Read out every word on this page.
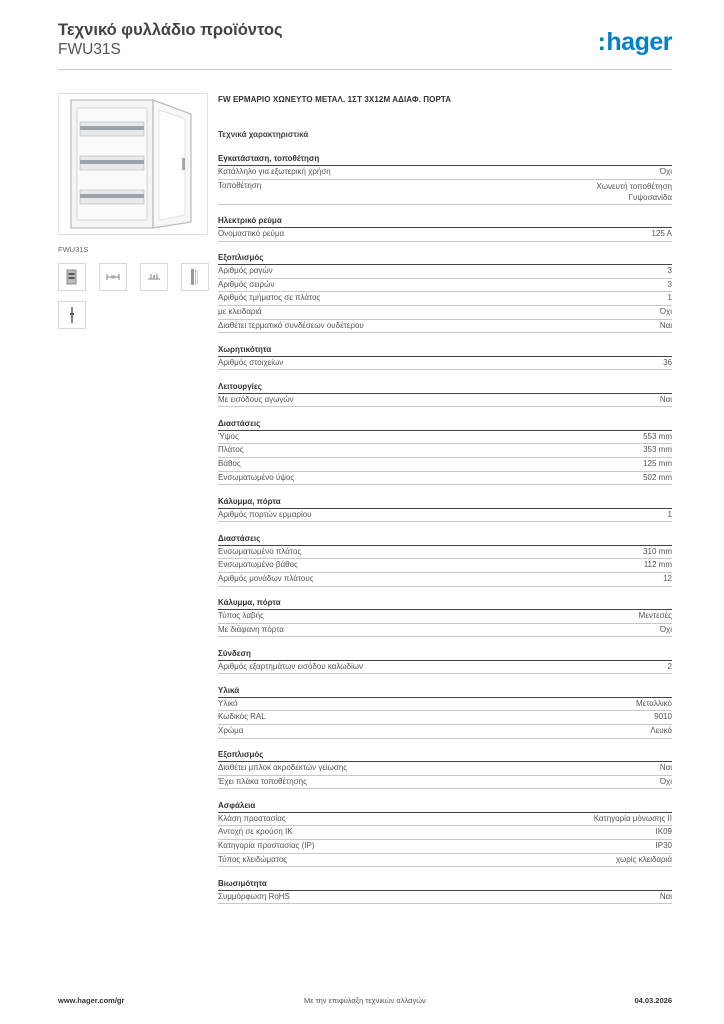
Τεχνικό φυλλάδιο προϊόντος
FWU31S	:hager
FWU31S
FW ΕΡΜΑΡΙΟ ΧΩΝΕΥΤΟ ΜΕΤΑΛ. 1ΣΤ 3Χ12Μ ΑΔΙΑΦ. ΠΟΡΤΑ
Τεχνικά χαρακτηριστικά
Εγκατάσταση, τοποθέτηση
Κατάλληλο για εξωτερική χρήση	Όχι
Τοποθέτηση	Χωνευτή τοποθέτηση
Γυψοσανίδα
Ηλεκτρικό ρεύμα
Ονομαστικό ρεύμα	125 A
Εξοπλισμός
Αριθμός ραγών	3
Αριθμός σειρών	3
Αριθμός τμήματος σε πλάτος	1
με κλειδαριά	Όχι
Διαθέτει τερματικό συνδέσεων ουδέτερου	Ναι
Χωρητικότητα
Αριθμός στοιχείων	36
Λειτουργίες
Με εισόδους αγωγών	Ναι
Διαστάσεις
Ύψος	553 mm
Πλάτος	353 mm
Βάθος	125 mm
Ενσωματωμένο ύψος	502 mm
Κάλυμμα, πόρτα
Αριθμός πορτών ερμαρίου	1
Διαστάσεις
Ενσωματωμένο πλάτος	310 mm
Ενσωματωμένο βάθος	112 mm
Αριθμός μονάδων πλάτους	12
Κάλυμμα, πόρτα
Τύπος λαβής	Μεντεσές
Με διάφανη πόρτα	Όχι
Σύνδεση
Αριθμός εξαρτημάτων εισόδου καλωδίων	2
Υλικά
Υλικό	Μεταλλικό
Κωδικός RAL	9010
Χρώμα	Λευκό
Εξοπλισμός
Διαθέτει μπλοκ ακροδεκτών γείωσης	Ναι
Έχει πλάκα τοποθέτησης	Όχι
Ασφάλεια
Κλάση προστασίας	Κατηγορία μόνωσης II
Αντοχή σε κρούση IK	IK09
Κατηγορία προστασίας (IP)	IP30
Τύπος κλειδώματος	χωρίς κλειδαριά
Βιωσιμότητα
Συμμόρφωση RoHS	Ναι
www.hager.com/gr	Με την επιφύλαξη τεχνικών αλλαγών	04.03.2026
